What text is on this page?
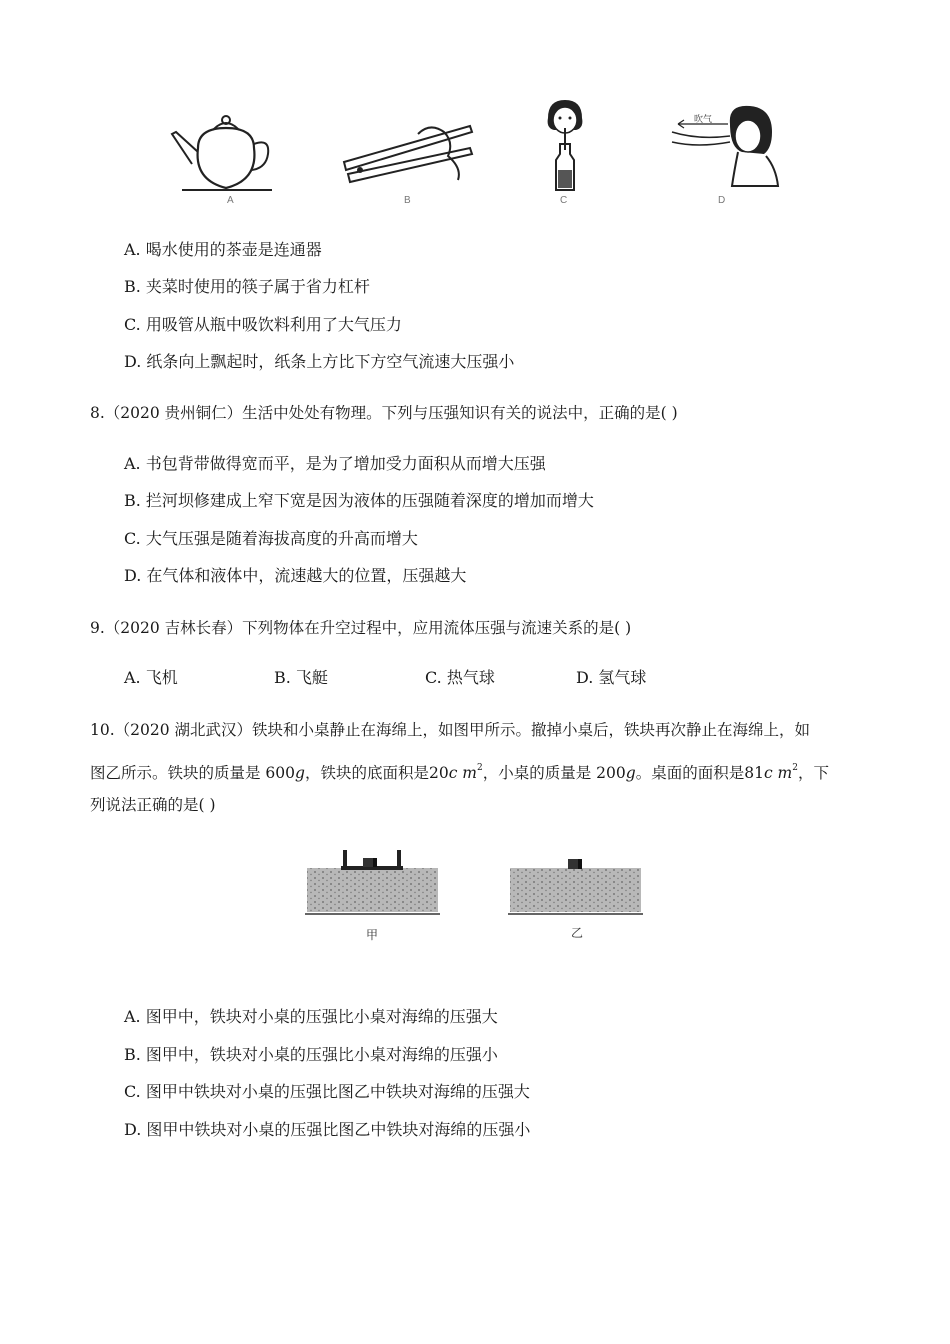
吹气
A	B	C	D
A. 喝水使用的茶壶是连通器
B. 夹菜时使用的筷子属于省力杠杆
C. 用吸管从瓶中吸饮料利用了大气压力
D. 纸条向上飘起时，纸条上方比下方空气流速大压强小
8.（2020 贵州铜仁）生活中处处有物理。下列与压强知识有关的说法中，正确的是( )
A. 书包背带做得宽而平，是为了增加受力面积从而增大压强
B. 拦河坝修建成上窄下宽是因为液体的压强随着深度的增加而增大
C. 大气压强是随着海拔高度的升高而增大
D. 在气体和液体中，流速越大的位置，压强越大
9.（2020 吉林长春）下列物体在升空过程中，应用流体压强与流速关系的是( )
A. 飞机	B. 飞艇	C. 热气球	D. 氢气球
10.（2020 湖北武汉）铁块和小桌静止在海绵上，如图甲所示。撤掉小桌后，铁块再次静止在海绵上，如
图乙所示。铁块的质量是 600g，铁块的底面积是20c $m^2$，小桌的质量是 200g。桌面的面积是81c $m^2$，下
列说法正确的是( )
甲	乙
A. 图甲中，铁块对小桌的压强比小桌对海绵的压强大
B. 图甲中，铁块对小桌的压强比小桌对海绵的压强小
C. 图甲中铁块对小桌的压强比图乙中铁块对海绵的压强大
D. 图甲中铁块对小桌的压强比图乙中铁块对海绵的压强小
